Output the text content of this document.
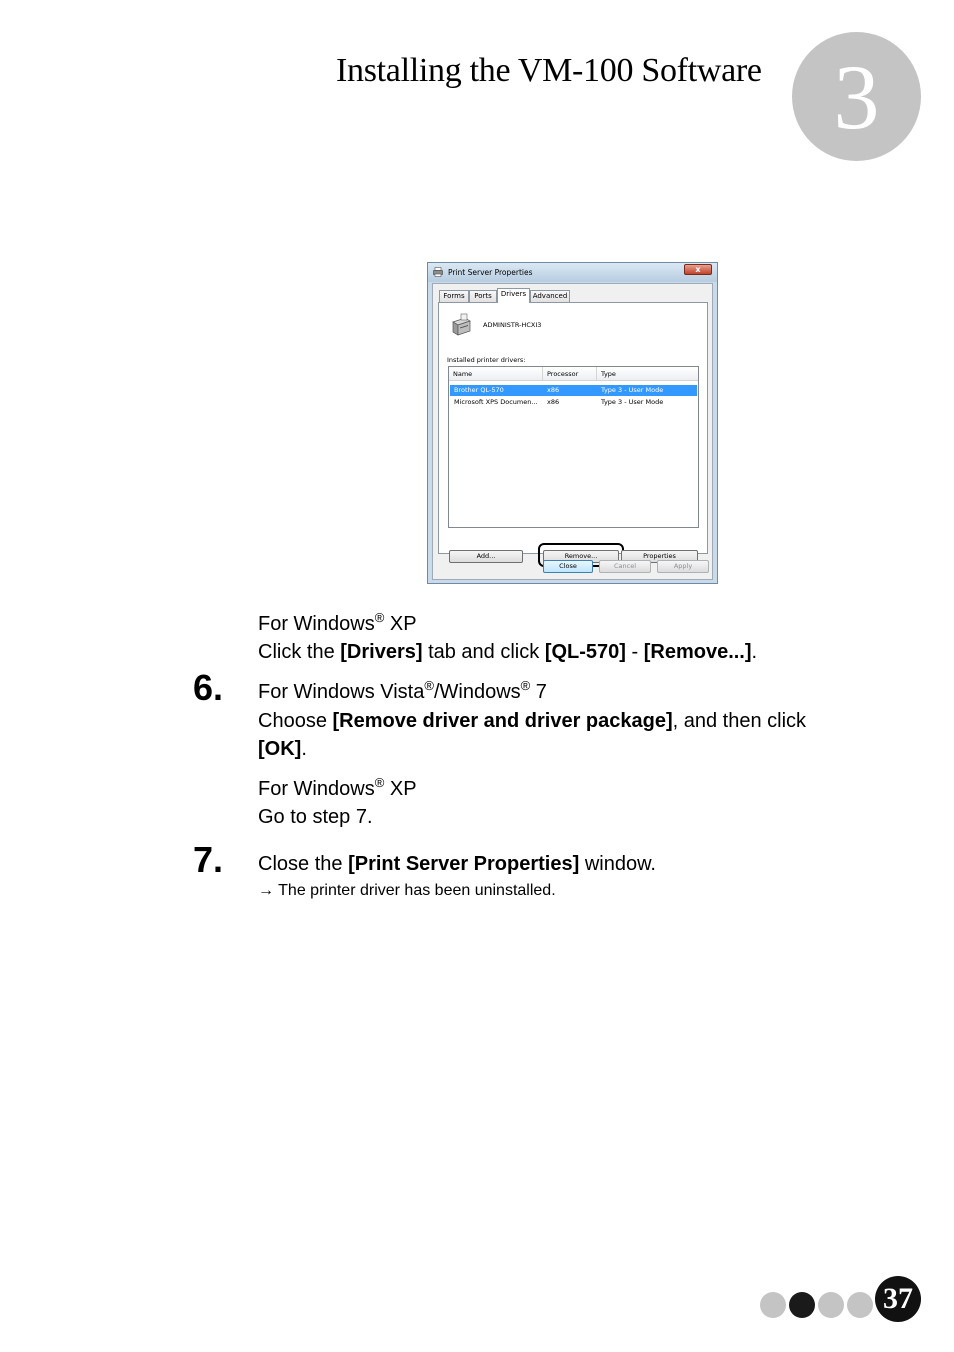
Installing the VM-100 Software 3
Print Server Properties	x
Forms	Ports	Drivers Advanced
ADMINISTR-HCXI3
Installed printer drivers:
Name	Processor	Type
Brother QL-570	x86	Type 3 - User Mode
Microsoft XPS Documen... x86	Type 3 - User Mode
Add...	Remove...	Properties
Close	Cancel	Apply
For Windows® XP
Click the [Drivers] tab and click [QL-570] - [Remove...].
6. For Windows Vista®/Windows® 7
Choose [Remove driver and driver package], and then click
[OK].
For Windows® XP
Go to step 7.
7. Close the [Print Server Properties] window.
→ The printer driver has been uninstalled.
37
